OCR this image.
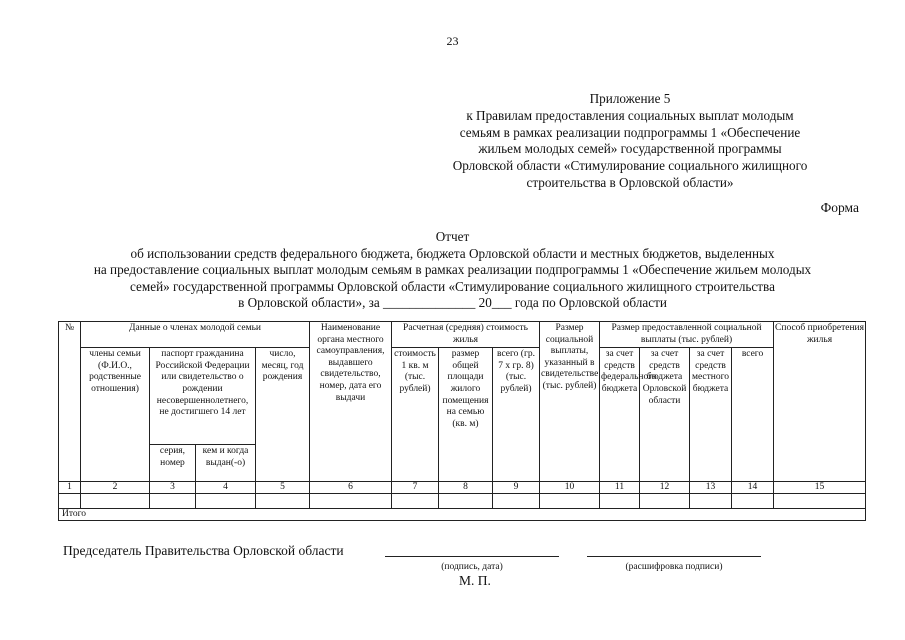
23
Приложение 5
к Правилам предоставления социальных выплат молодым
семьям в рамках реализации подпрограммы 1 «Обеспечение
жильем молодых семей» государственной программы
Орловской области «Стимулирование социального жилищного
строительства в Орловской области»
Форма
Отчет
об использовании средств федерального бюджета, бюджета Орловской области и местных бюджетов, выделенных
на предоставление социальных выплат молодым семьям в рамках реализации подпрограммы 1 «Обеспечение жильем молодых
семей» государственной программы Орловской области «Стимулирование социального жилищного строительства
в Орловской области», за ______________ 20___ года по Орловской области
№	Данные о членах молодой семьи				Наименование органа местного самоуправления, выдавшего свидетельство, номер, дата его выдачи	Расчетная (средняя) стоимость жилья			Размер социальной выплаты, указанный в свидетельстве (тыс. рублей)	Размер предоставленной социальной выплаты (тыс. рублей)				Способ приобретения жилья
	члены семьи (Ф.И.О., родственные отношения)	паспорт гражданина Российской Федерации или свидетельство о рождении несовершеннолетнего, не достигшего 14 лет		число, месяц, год рождения		стоимость 1 кв. м (тыс. рублей)	размер общей площади жилого помещения на семью (кв. м)	всего (гр. 7 х гр. 8) (тыс. рублей)		за счет средств федерального бюджета	за счет средств бюджета Орловской области	за счет средств местного бюджета	всего	
		серия, номер	кем и когда выдан(-о)											
1	2	3	4	5	6	7	8	9	10	11	12	13	14	15

Итого														
Председатель Правительства Орловской области
(подпись, дата)	(расшифровка подписи)
М. П.
